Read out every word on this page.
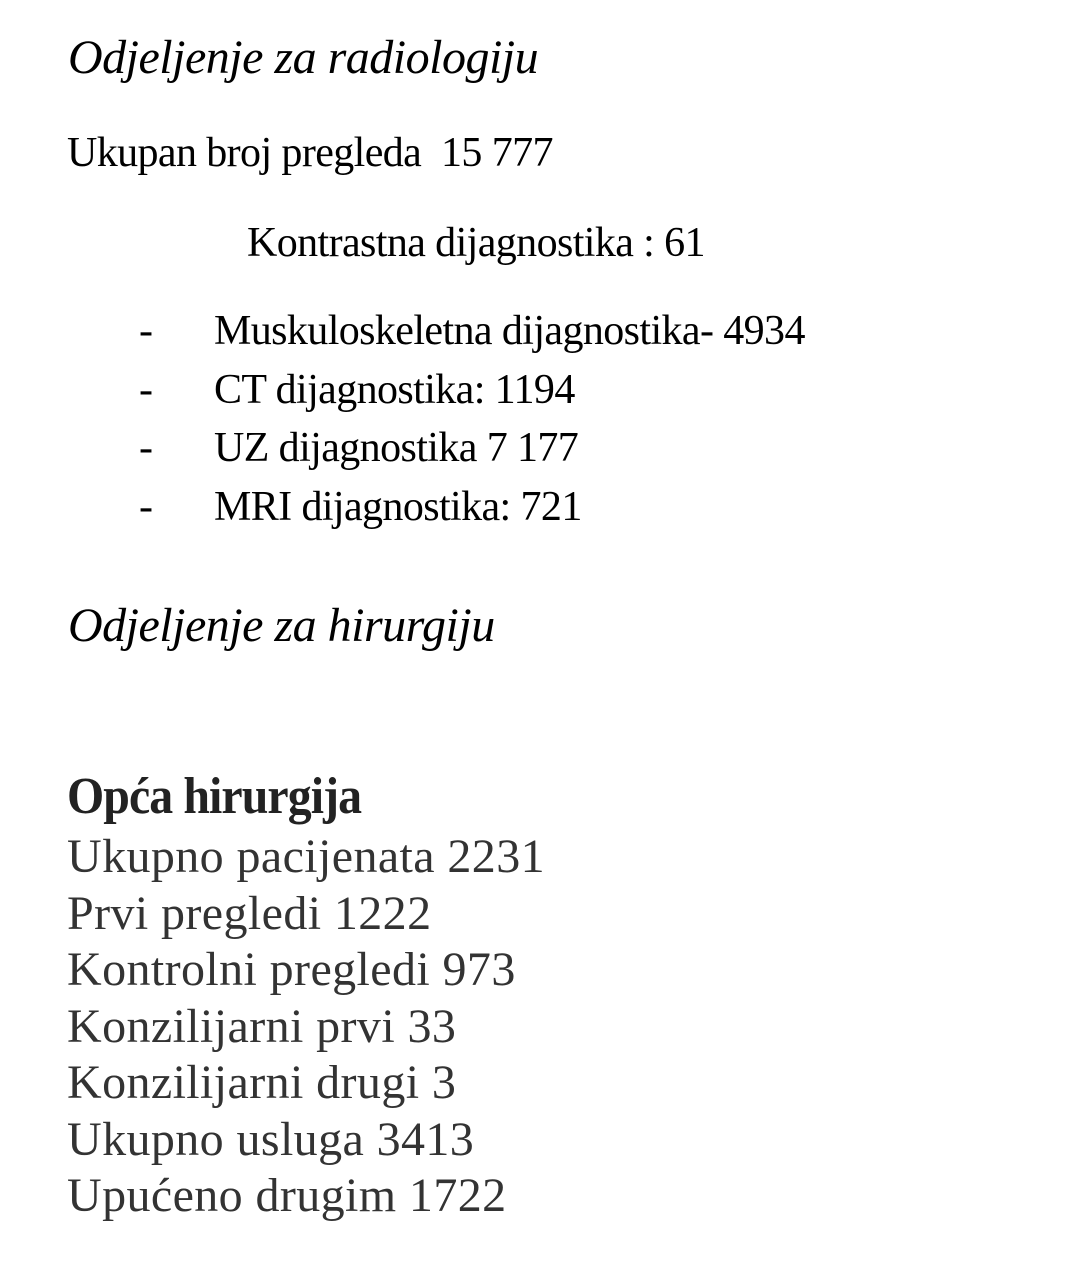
Odjeljenje za radiologiju

Ukupan broj pregleda  15 777

Kontrastna dijagnostika : 61

- Muskuloskeletna dijagnostika- 4934
- CT dijagnostika: 1194
- UZ dijagnostika 7 177
- MRI dijagnostika: 721
Odjeljenje za hirurgiju
Opća hirurgija
Ukupno pacijenata 2231
Prvi pregledi 1222
Kontrolni pregledi 973
Konzilijarni prvi 33
Konzilijarni drugi 3
Ukupno usluga 3413
Upućeno drugim 1722
